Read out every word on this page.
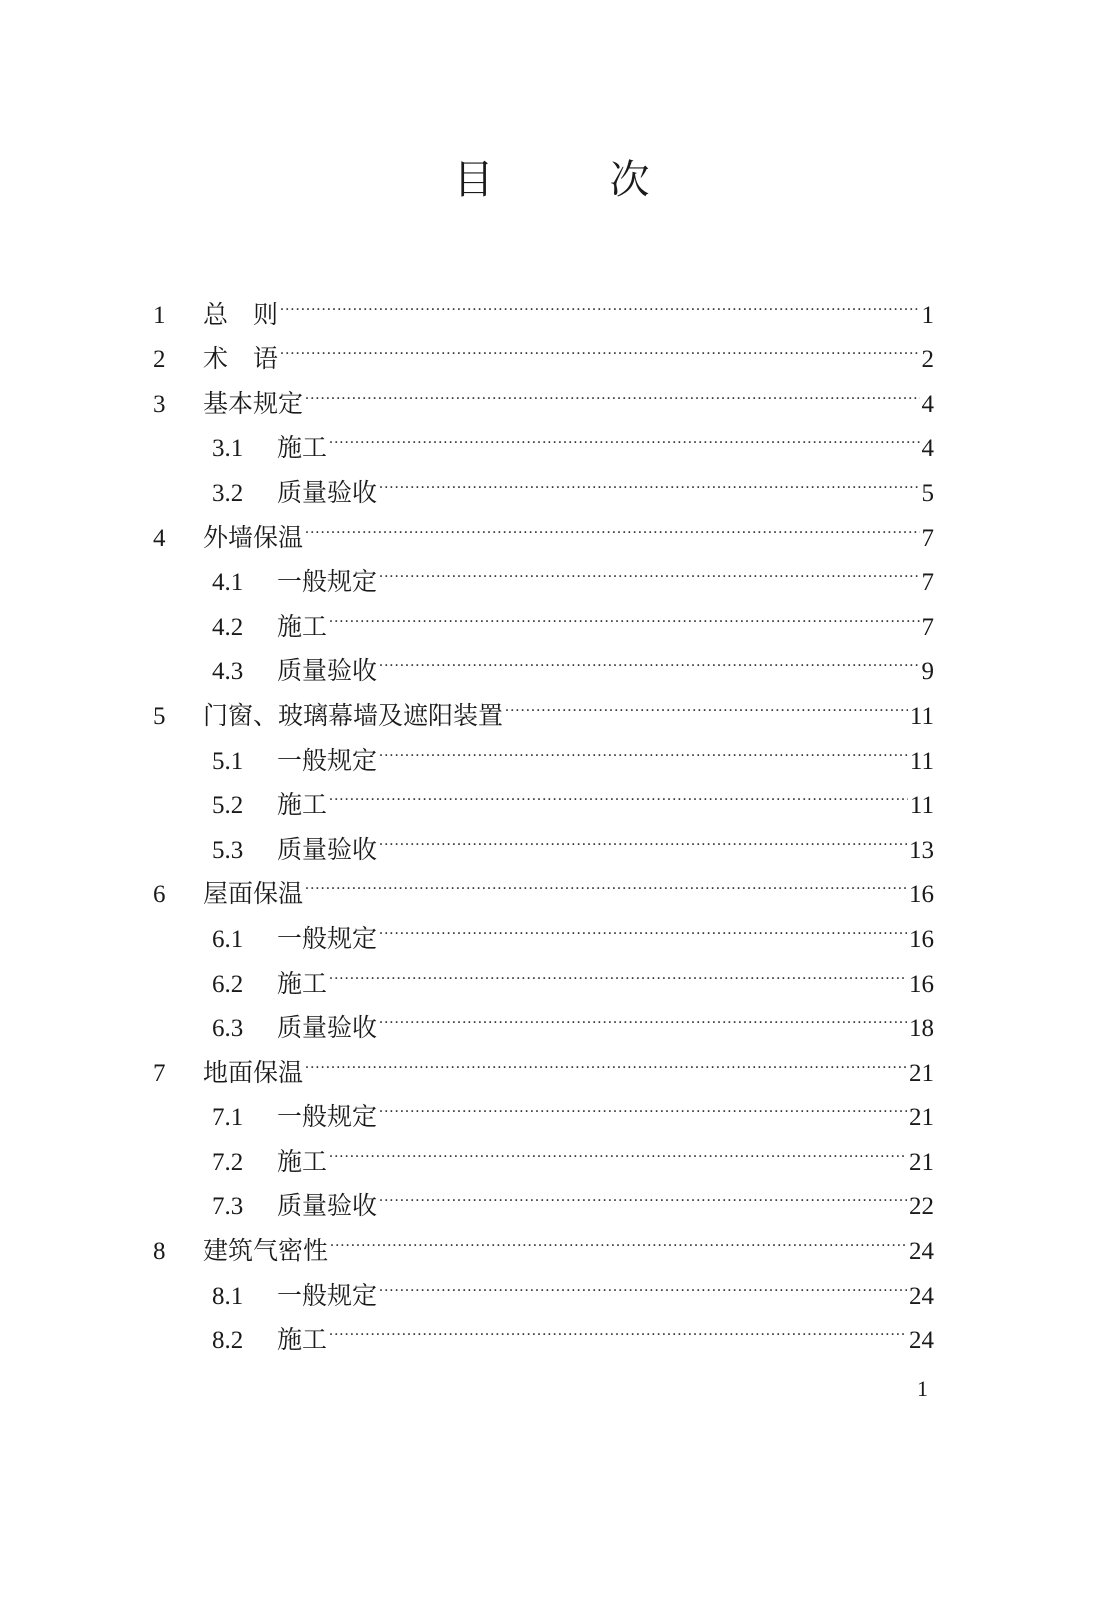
目　次
1	总　则 .....	1
2	术　语 .....	2
3	基本规定 .....	4
3.1	施工 .....	4
3.2	质量验收 .....	5
4	外墙保温 .....	7
4.1	一般规定 .....	7
4.2	施工 .....	7
4.3	质量验收 .....	9
5	门窗、玻璃幕墙及遮阳装置 .....	11
5.1	一般规定 .....	11
5.2	施工 .....	11
5.3	质量验收 .....	13
6	屋面保温 .....	16
6.1	一般规定 .....	16
6.2	施工 .....	16
6.3	质量验收 .....	18
7	地面保温 .....	21
7.1	一般规定 .....	21
7.2	施工 .....	21
7.3	质量验收 .....	22
8	建筑气密性 .....	24
8.1	一般规定 .....	24
8.2	施工 .....	24
1
